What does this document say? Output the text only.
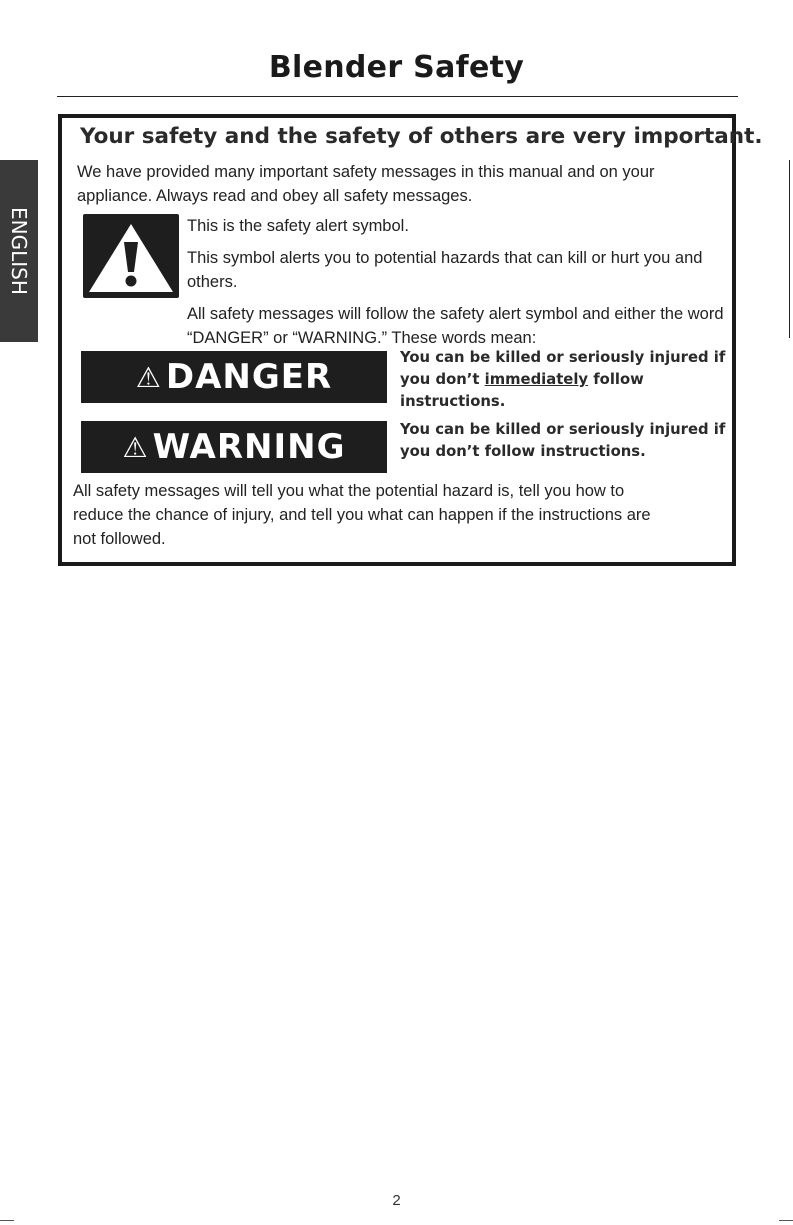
Blender Safety
ENGLISH
Your safety and the safety of others are very important.
We have provided many important safety messages in this manual and on your
appliance. Always read and obey all safety messages.

This is the safety alert symbol.

This symbol alerts you to potential hazards that can kill or hurt you and others.

All safety messages will follow the safety alert symbol and either the word “DANGER” or “WARNING.” These words mean:

⚠ DANGER	You can be killed or seriously injured if you don’t immediately follow instructions.
⚠ WARNING	You can be killed or seriously injured if you don’t follow instructions.
All safety messages will tell you what the potential hazard is, tell you how to
reduce the chance of injury, and tell you what can happen if the instructions are
not followed.
2
